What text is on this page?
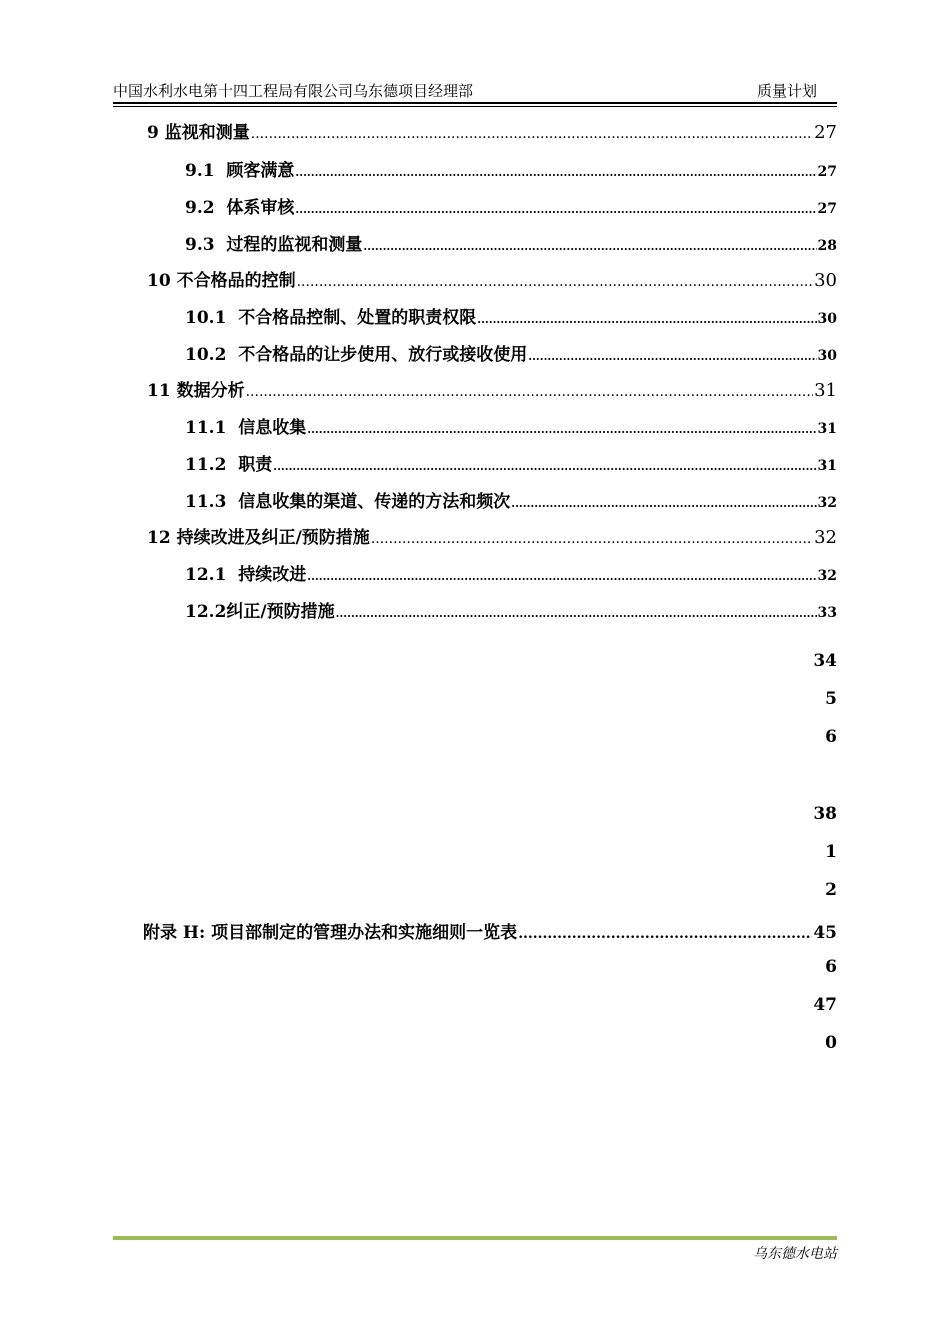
中国水利水电第十四工程局有限公司乌东德项目经理部	质量计划
9 监视和测量 .....	27
9.1 顾客满意 .....	27
9.2 体系审核 .....	27
9.3 过程的监视和测量 .....	28
10 不合格品的控制 .....	30
10.1 不合格品控制、处置的职责权限 .....	30
10.2 不合格品的让步使用、放行或接收使用 .....	30
11 数据分析 .....	31
11.1 信息收集 .....	31
11.2 职责 .....	31
11.3 信息收集的渠道、传递的方法和频次 .....	32
12 持续改进及纠正/预防措施 .....	32
12.1 持续改进 .....	32
12.2纠正/预防措施 .....	33
34
5
6
38
1
2
附录 H: 项目部制定的管理办法和实施细则一览表 .....	45
6
47
0
乌东德水电站
